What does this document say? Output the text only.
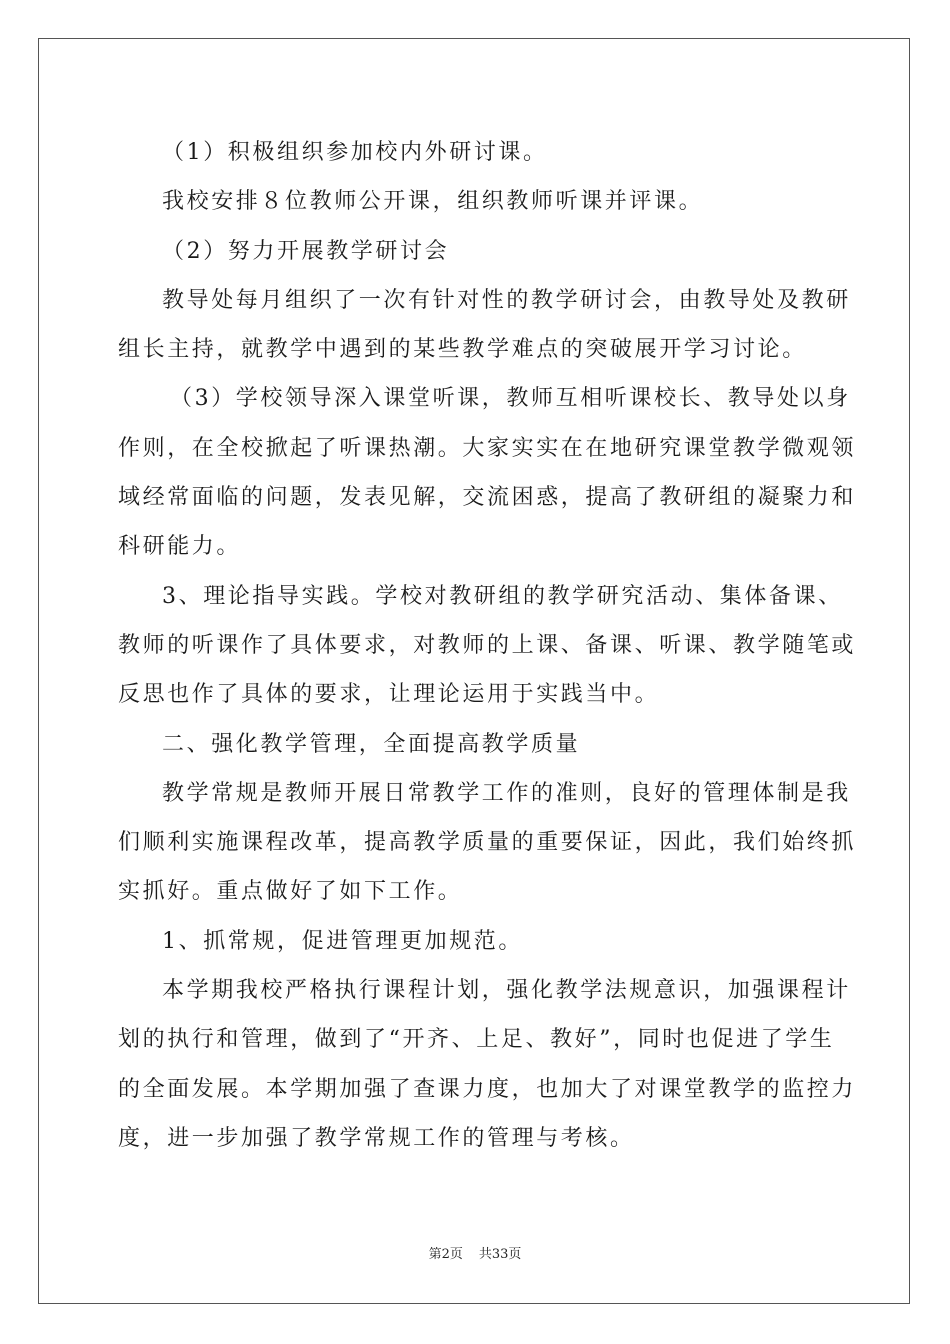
（1）积极组织参加校内外研讨课。
我校安排８位教师公开课，组织教师听课并评课。
（2）努力开展教学研讨会
教导处每月组织了一次有针对性的教学研讨会，由教导处及教研
组长主持，就教学中遇到的某些教学难点的突破展开学习讨论。
（3）学校领导深入课堂听课，教师互相听课校长、教导处以身
作则，在全校掀起了听课热潮。大家实实在在地研究课堂教学微观领
域经常面临的问题，发表见解，交流困惑，提高了教研组的凝聚力和
科研能力。
3、理论指导实践。学校对教研组的教学研究活动、集体备课、
教师的听课作了具体要求，对教师的上课、备课、听课、教学随笔或
反思也作了具体的要求，让理论运用于实践当中。
二、强化教学管理，全面提高教学质量
教学常规是教师开展日常教学工作的准则，良好的管理体制是我
们顺利实施课程改革，提高教学质量的重要保证，因此，我们始终抓
实抓好。重点做好了如下工作。
1、抓常规，促进管理更加规范。
本学期我校严格执行课程计划，强化教学法规意识，加强课程计
划的执行和管理，做到了“开齐、上足、教好”，同时也促进了学生
的全面发展。本学期加强了查课力度，也加大了对课堂教学的监控力
度，进一步加强了教学常规工作的管理与考核。
第2页 共33页
